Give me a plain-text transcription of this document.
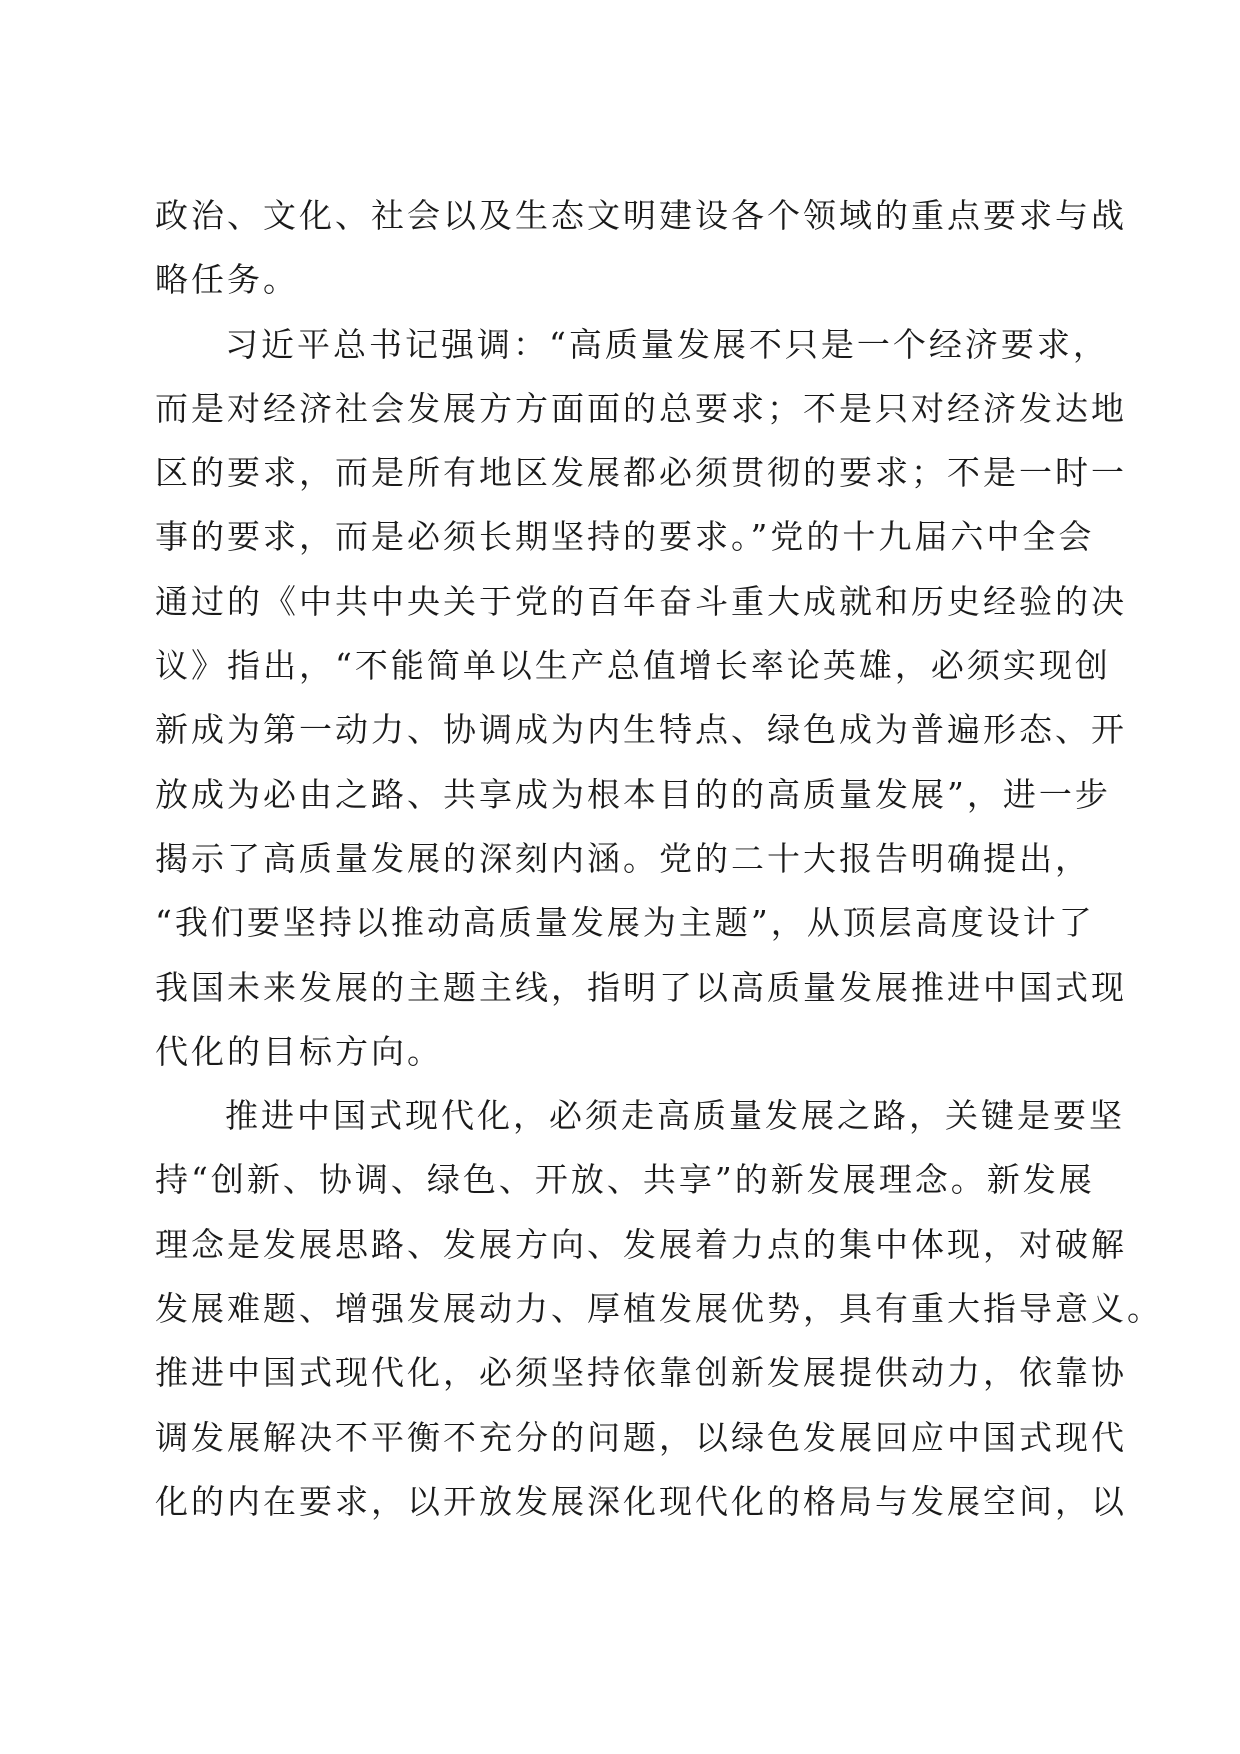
政治、文化、社会以及生态文明建设各个领域的重点要求与战
略任务。
习近平总书记强调：“高质量发展不只是一个经济要求，
而是对经济社会发展方方面面的总要求；不是只对经济发达地
区的要求，而是所有地区发展都必须贯彻的要求；不是一时一
事的要求，而是必须长期坚持的要求。”党的十九届六中全会
通过的《中共中央关于党的百年奋斗重大成就和历史经验的决
议》指出，“不能简单以生产总值增长率论英雄，必须实现创
新成为第一动力、协调成为内生特点、绿色成为普遍形态、开
放成为必由之路、共享成为根本目的的高质量发展”，进一步
揭示了高质量发展的深刻内涵。党的二十大报告明确提出，
“我们要坚持以推动高质量发展为主题”，从顶层高度设计了
我国未来发展的主题主线，指明了以高质量发展推进中国式现
代化的目标方向。
推进中国式现代化，必须走高质量发展之路，关键是要坚
持“创新、协调、绿色、开放、共享”的新发展理念。新发展
理念是发展思路、发展方向、发展着力点的集中体现，对破解
发展难题、增强发展动力、厚植发展优势，具有重大指导意义。
推进中国式现代化，必须坚持依靠创新发展提供动力，依靠协
调发展解决不平衡不充分的问题，以绿色发展回应中国式现代
化的内在要求，以开放发展深化现代化的格局与发展空间，以
